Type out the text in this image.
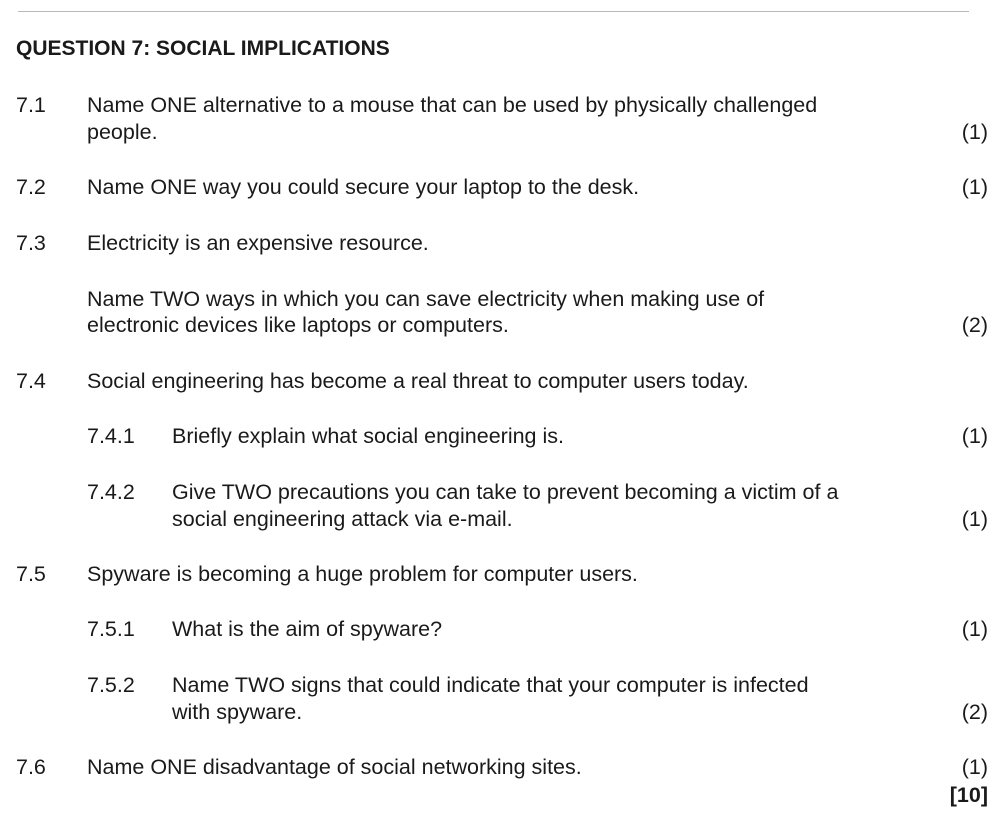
QUESTION 7: SOCIAL IMPLICATIONS
7.1 Name ONE alternative to a mouse that can be used by physically challenged
people.	(1)
7.2 Name ONE way you could secure your laptop to the desk.	(1)
7.3 Electricity is an expensive resource.
Name TWO ways in which you can save electricity when making use of
electronic devices like laptops or computers.	(2)
7.4 Social engineering has become a real threat to computer users today.
7.4.1 Briefly explain what social engineering is.	(1)
7.4.2 Give TWO precautions you can take to prevent becoming a victim of a
social engineering attack via e-mail.	(1)
7.5 Spyware is becoming a huge problem for computer users.
7.5.1 What is the aim of spyware?	(1)
7.5.2 Name TWO signs that could indicate that your computer is infected
with spyware.	(2)
7.6 Name ONE disadvantage of social networking sites.	(1)
[10]
